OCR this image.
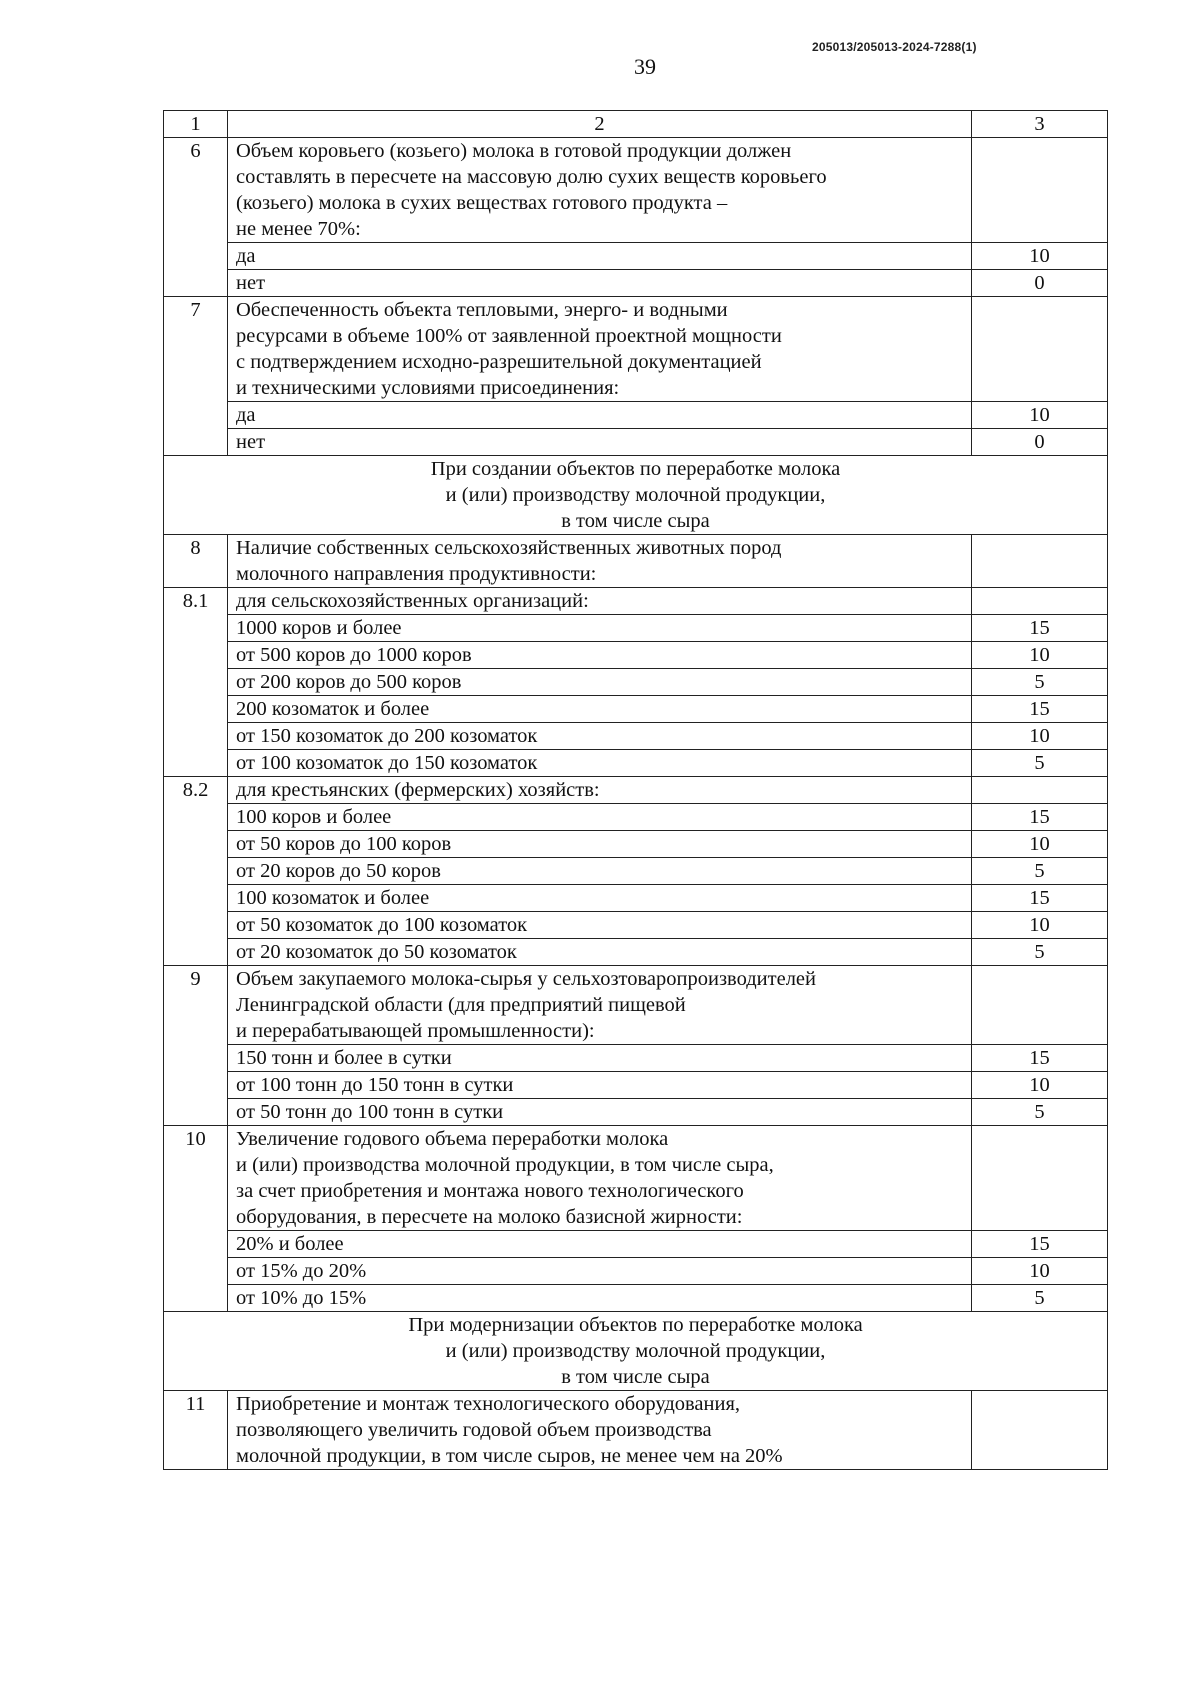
205013/205013-2024-7288(1)
39
1	2	3
6	Объем коровьего (козьего) молока в готовой продукции должен
составлять в пересчете на массовую долю сухих веществ коровьего
(козьего) молока в сухих веществах готового продукта –
не менее 70%:	
	да	10
	нет	0
7	Обеспеченность объекта тепловыми, энерго- и водными
ресурсами в объеме 100% от заявленной проектной мощности
с подтверждением исходно-разрешительной документацией
и техническими условиями присоединения:	
	да	10
	нет	0
При создании объектов по переработке молока
и (или) производству молочной продукции,
в том числе сыра		
8	Наличие собственных сельскохозяйственных животных пород
молочного направления продуктивности:	
8.1	для сельскохозяйственных организаций:	
	1000 коров и более	15
	от 500 коров до 1000 коров	10
	от 200 коров до 500 коров	5
	200 козоматок и более	15
	от 150 козоматок до 200 козоматок	10
	от 100 козоматок до 150 козоматок	5
8.2	для крестьянских (фермерских) хозяйств:	
	100 коров и более	15
	от 50 коров до 100 коров	10
	от 20 коров до 50 коров	5
	100 козоматок и более	15
	от 50 козоматок до 100 козоматок	10
	от 20 козоматок до 50 козоматок	5
9	Объем закупаемого молока-сырья у сельхозтоваропроизводителей
Ленинградской области (для предприятий пищевой
и перерабатывающей промышленности):	
	150 тонн и более в сутки	15
	от 100 тонн до 150 тонн в сутки	10
	от 50 тонн до 100 тонн в сутки	5
10	Увеличение годового объема переработки молока
и (или) производства молочной продукции, в том числе сыра,
за счет приобретения и монтажа нового технологического
оборудования, в пересчете на молоко базисной жирности:	
	20% и более	15
	от 15% до 20%	10
	от 10% до 15%	5
При модернизации объектов по переработке молока
и (или) производству молочной продукции,
в том числе сыра		
11	Приобретение и монтаж технологического оборудования,
позволяющего увеличить годовой объем производства
молочной продукции, в том числе сыров, не менее чем на 20%	
